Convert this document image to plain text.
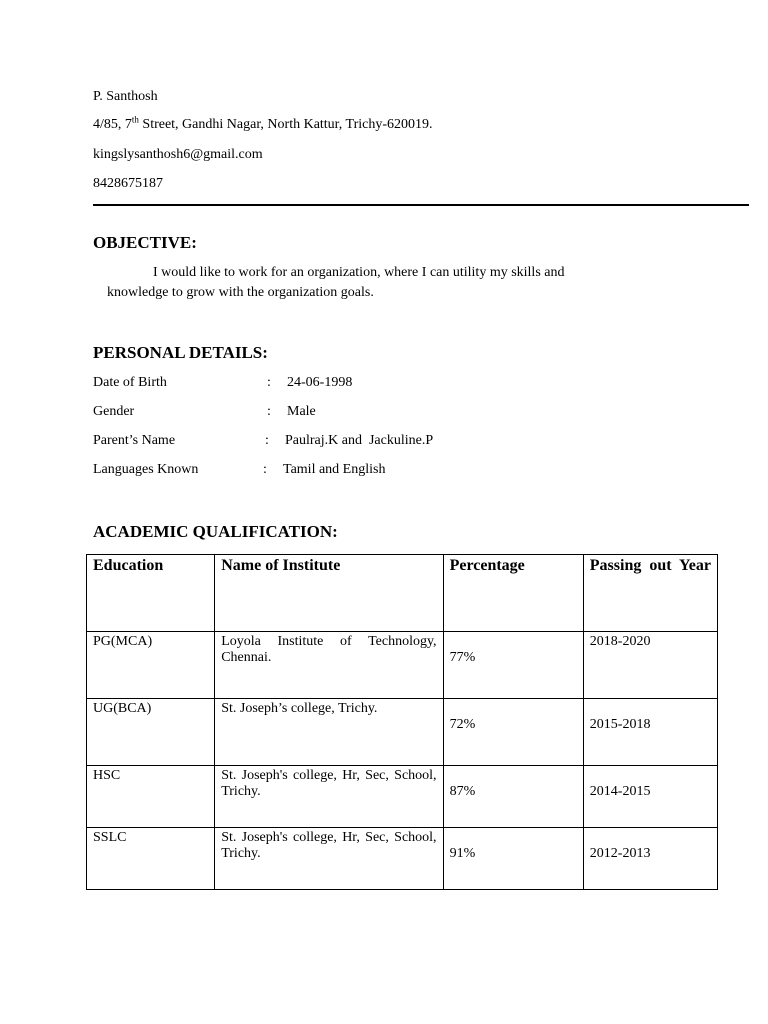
P. Santhosh
4/85, 7th Street, Gandhi Nagar, North Kattur, Trichy-620019.
kingslysanthosh6@gmail.com
8428675187
OBJECTIVE:
I would like to work for an organization, where I can utility my skills and knowledge to grow with the organization goals.
PERSONAL DETAILS:
Date of Birth	: 24-06-1998
Gender	: Male
Parent’s Name	: Paulraj.K and  Jackuline.P
Languages Known	: Tamil and English
ACADEMIC QUALIFICATION:
Education	Name of Institute	Percentage	Passing out Year

PG(MCA)	Loyola Institute of Technology, Chennai.	77%	2018-2020

UG(BCA)	St. Joseph’s college, Trichy.	72%	2015-2018

HSC	St. Joseph's college, Hr, Sec, School, Trichy.	87%	2014-2015

SSLC	St. Joseph's college, Hr, Sec, School, Trichy.	91%	2012-2013
